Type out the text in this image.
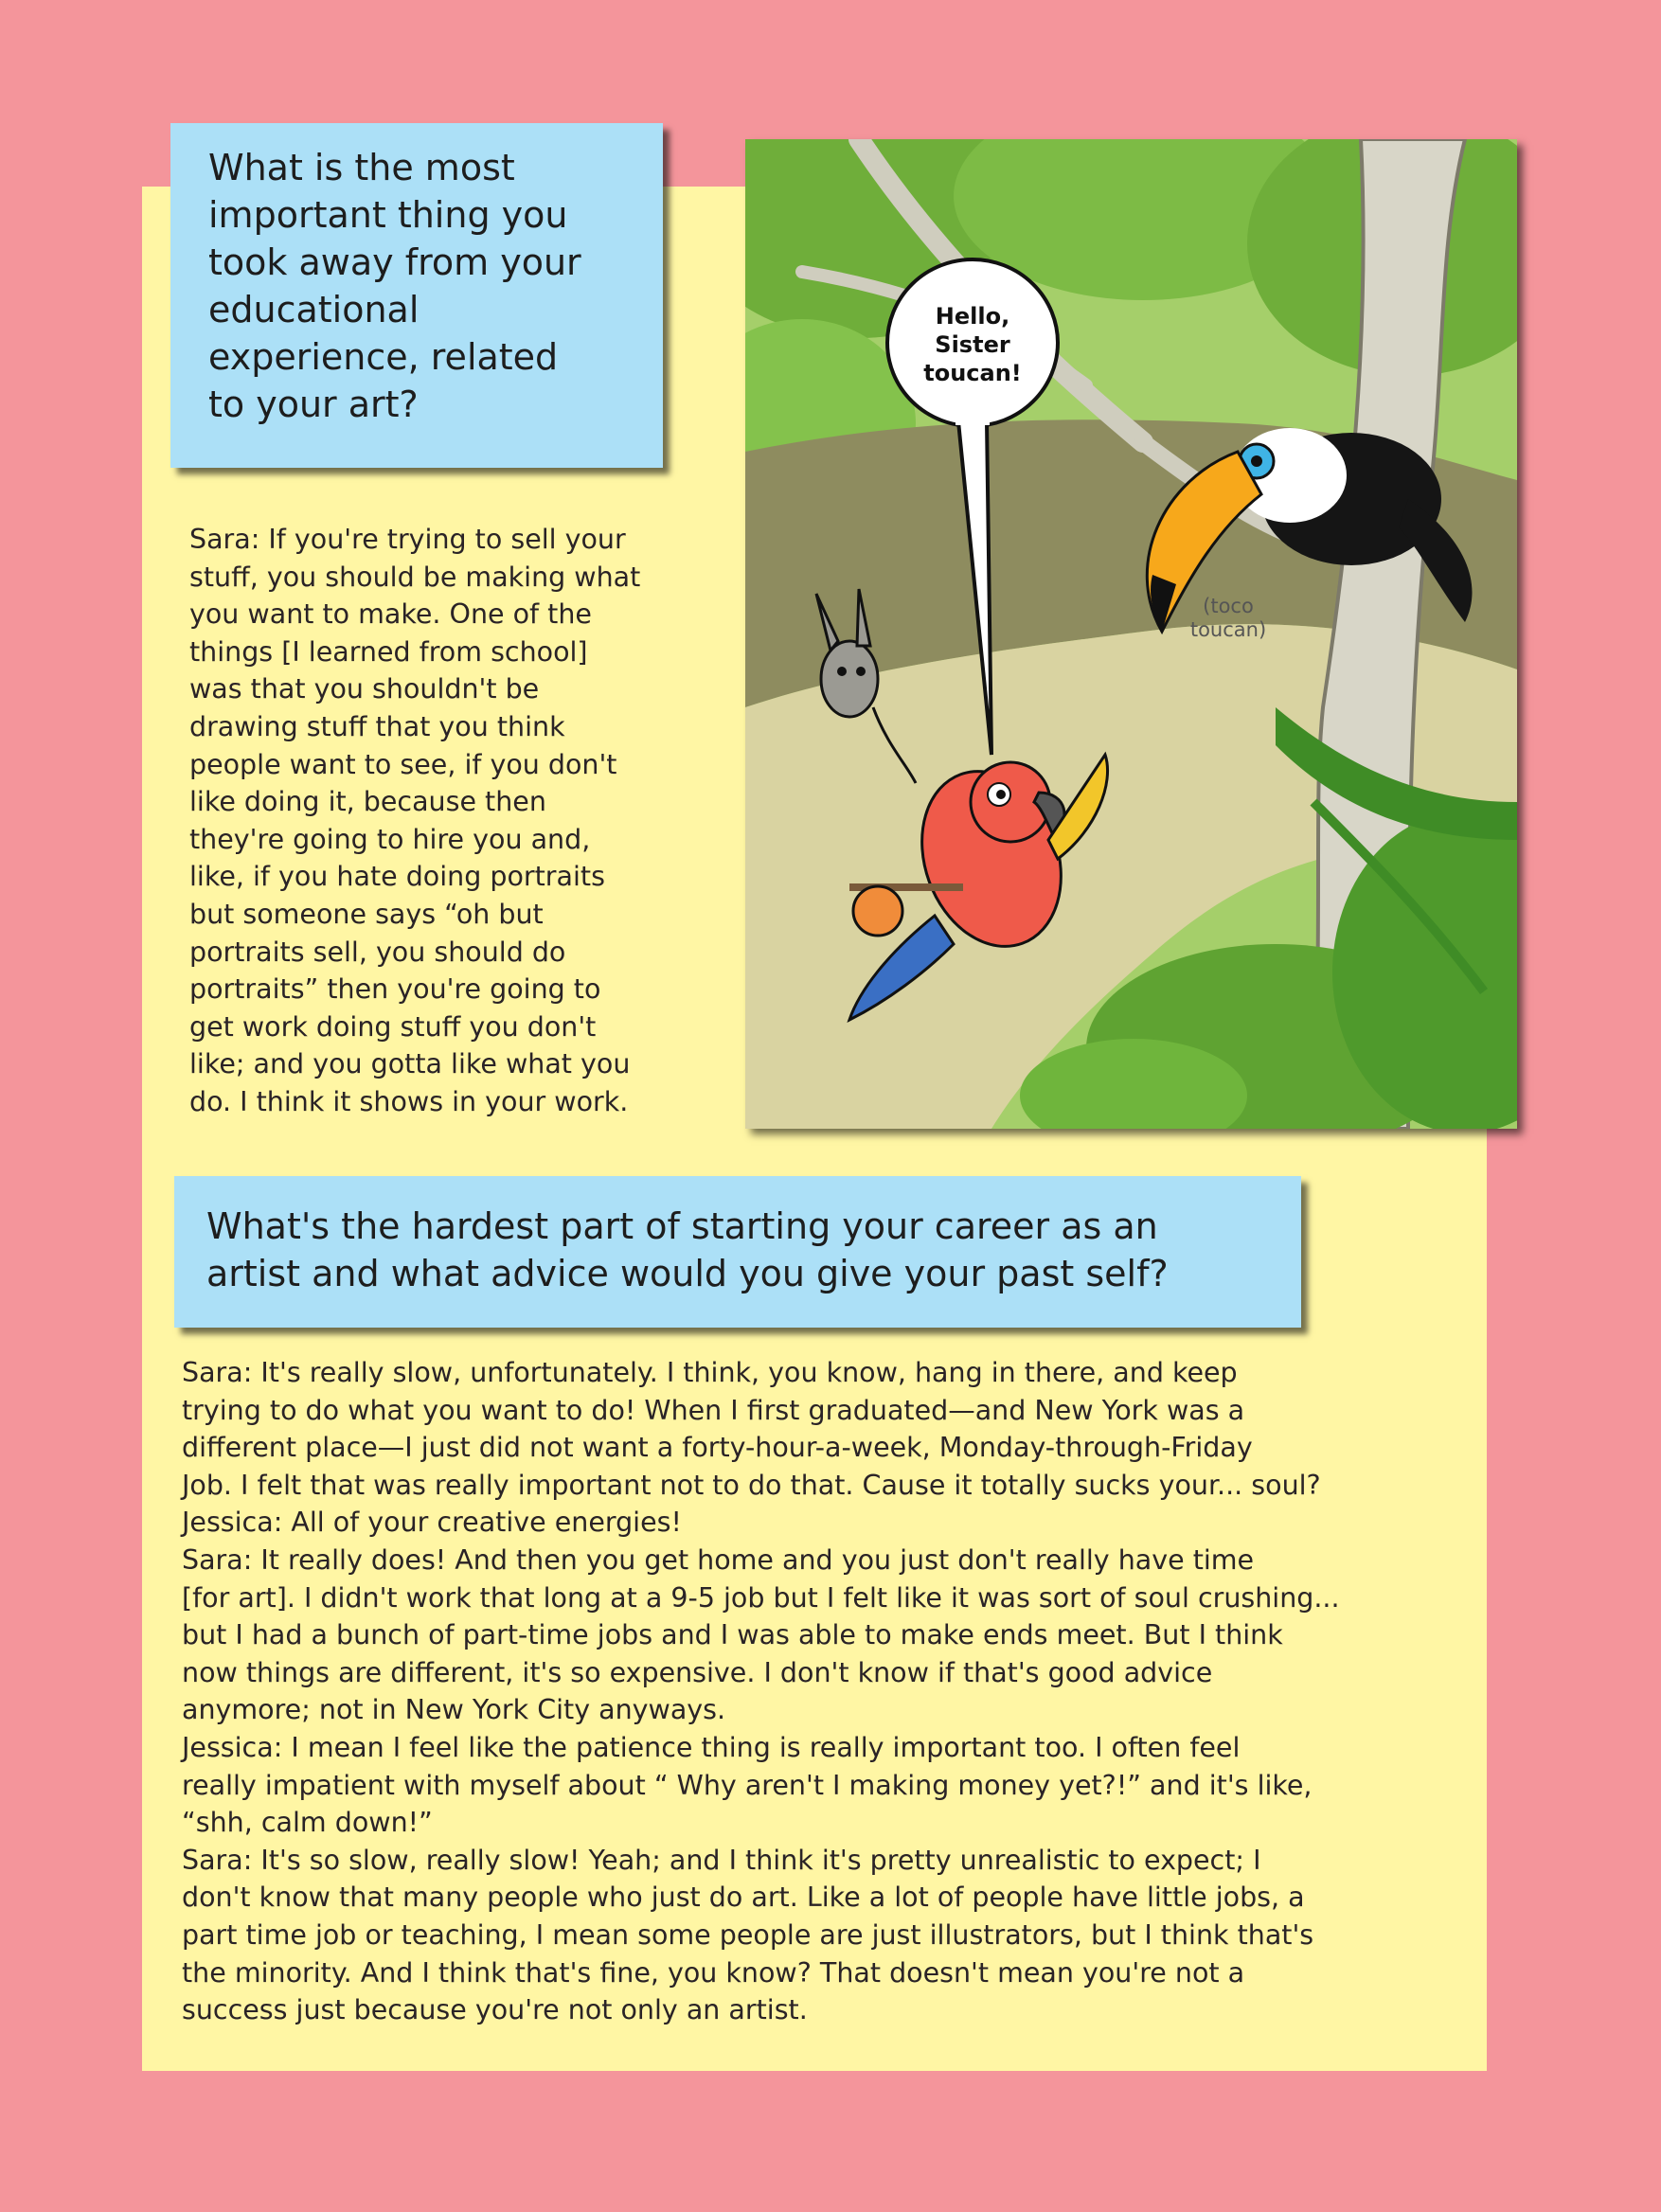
What is the most
important thing you
took away from your
educational
experience, related
to your art?

Sara: If you're trying to sell your
stuff, you should be making what
you want to make. One of the
things [I learned from school]
was that you shouldn't be
drawing stuff that you think
people want to see, if you don't
like doing it, because then
they're going to hire you and,
like, if you hate doing portraits
but someone says “oh but
portraits sell, you should do
portraits” then you're going to
get work doing stuff you don't
like; and you gotta like what you
do. I think it shows in your work.

Hello,
Sister
toucan!
(toco
toucan)
What's the hardest part of starting your career as an
artist and what advice would you give your past self?

Sara: It's really slow, unfortunately. I think, you know, hang in there, and keep
trying to do what you want to do! When I first graduated—and New York was a
different place—I just did not want a forty-hour-a-week, Monday-through-Friday
Job. I felt that was really important not to do that. Cause it totally sucks your... soul?
Jessica: All of your creative energies!
Sara: It really does! And then you get home and you just don't really have time
[for art]. I didn't work that long at a 9-5 job but I felt like it was sort of soul crushing...
but I had a bunch of part-time jobs and I was able to make ends meet. But I think
now things are different, it's so expensive. I don't know if that's good advice
anymore; not in New York City anyways.
Jessica: I mean I feel like the patience thing is really important too. I often feel
really impatient with myself about “ Why aren't I making money yet?!” and it's like,
“shh, calm down!”
Sara: It's so slow, really slow! Yeah; and I think it's pretty unrealistic to expect; I
don't know that many people who just do art. Like a lot of people have little jobs, a
part time job or teaching, I mean some people are just illustrators, but I think that's
the minority. And I think that's fine, you know? That doesn't mean you're not a
success just because you're not only an artist.
